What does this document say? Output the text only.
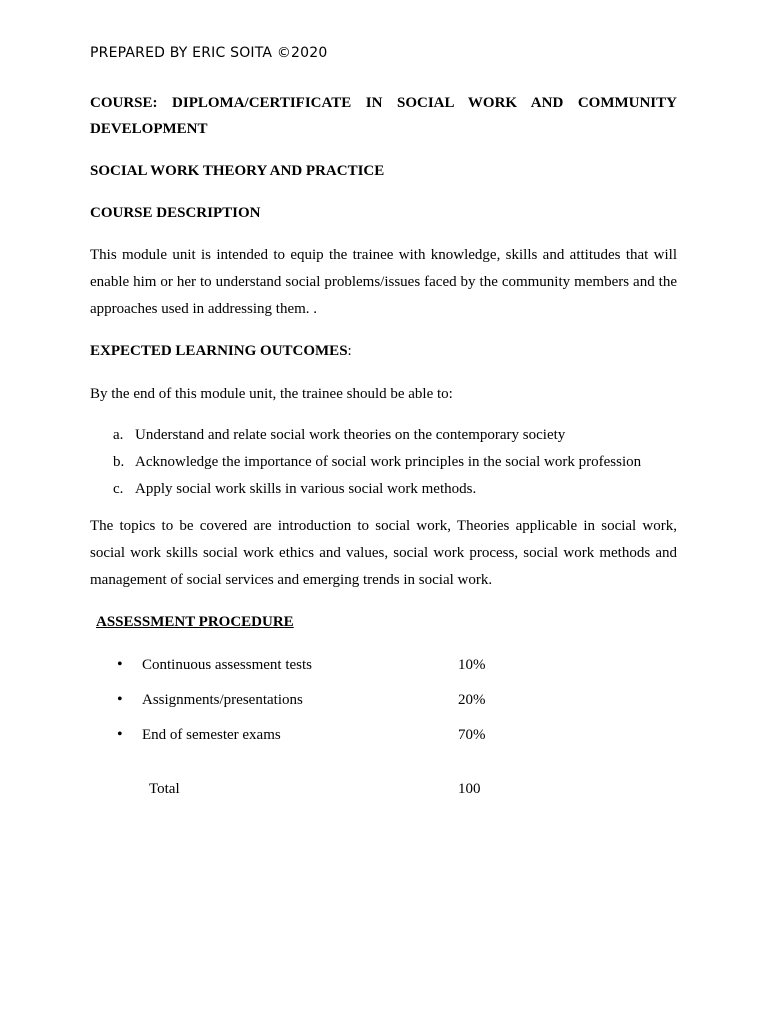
PREPARED BY ERIC SOITA ©2020
COURSE: DIPLOMA/CERTIFICATE IN SOCIAL WORK AND COMMUNITY DEVELOPMENT
SOCIAL WORK THEORY AND PRACTICE
COURSE DESCRIPTION
This module unit is intended to equip the trainee with knowledge, skills and attitudes that will enable him or her to understand social problems/issues faced by the community members and the approaches used in addressing them. .
EXPECTED LEARNING OUTCOMES:
By the end of this module unit, the trainee should be able to:
a. Understand and relate social work theories on the contemporary society
b. Acknowledge the importance of social work principles in the social work profession
c. Apply social work skills in various social work methods.
The topics to be covered are introduction to social work, Theories applicable in social work, social work skills social work ethics and values, social work process, social work methods and management of social services and emerging trends in social work.
ASSESSMENT PROCEDURE
• Continuous assessment tests	10%
• Assignments/presentations	20%
• End of semester exams	70%
Total	100
